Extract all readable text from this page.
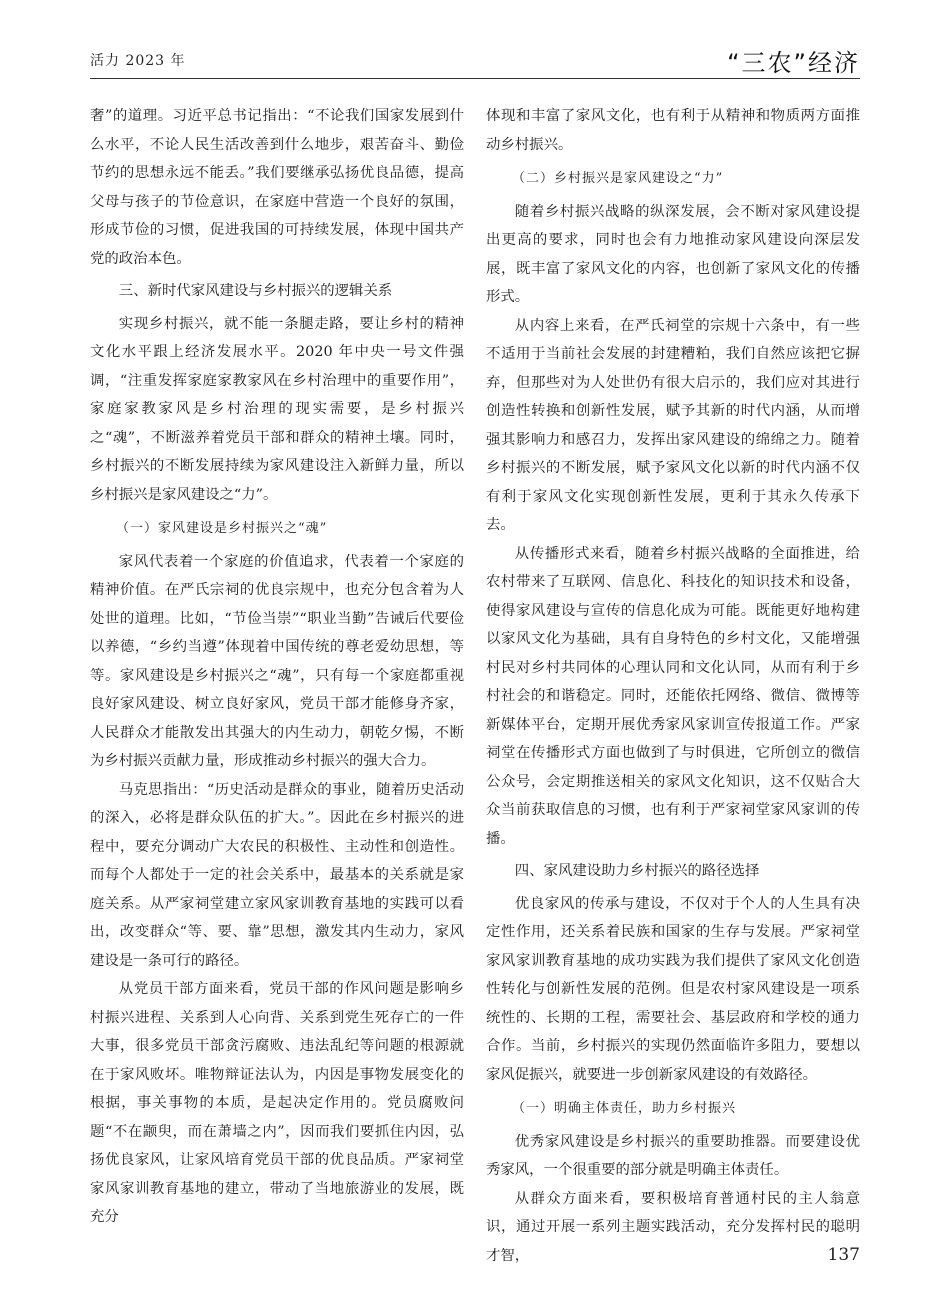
活力 2023 年	“三农”经济

奢”的道理。习近平总书记指出：“不论我们国家发展到什么水平，不论人民生活改善到什么地步，艰苦奋斗、勤俭节约的思想永远不能丢。”我们要继承弘扬优良品德，提高父母与孩子的节俭意识，在家庭中营造一个良好的氛围，形成节俭的习惯，促进我国的可持续发展，体现中国共产党的政治本色。

三、新时代家风建设与乡村振兴的逻辑关系

实现乡村振兴，就不能一条腿走路，要让乡村的精神文化水平跟上经济发展水平。2020 年中央一号文件强调，“注重发挥家庭家教家风在乡村治理中的重要作用”，家庭家教家风是乡村治理的现实需要，是乡村振兴之“魂”，不断滋养着党员干部和群众的精神土壤。同时，乡村振兴的不断发展持续为家风建设注入新鲜力量，所以乡村振兴是家风建设之“力”。

（一）家风建设是乡村振兴之“魂”

家风代表着一个家庭的价值追求，代表着一个家庭的精神价值。在严氏宗祠的优良宗规中，也充分包含着为人处世的道理。比如，“节俭当崇”“职业当勤”告诫后代要俭以养德，“乡约当遵”体现着中国传统的尊老爱幼思想，等等。家风建设是乡村振兴之“魂”，只有每一个家庭都重视良好家风建设、树立良好家风，党员干部才能修身齐家，人民群众才能散发出其强大的内生动力，朝乾夕惕，不断为乡村振兴贡献力量，形成推动乡村振兴的强大合力。

马克思指出：“历史活动是群众的事业，随着历史活动的深入，必将是群众队伍的扩大。”。因此在乡村振兴的进程中，要充分调动广大农民的积极性、主动性和创造性。而每个人都处于一定的社会关系中，最基本的关系就是家庭关系。从严家祠堂建立家风家训教育基地的实践可以看出，改变群众“等、要、靠”思想，激发其内生动力，家风建设是一条可行的路径。

从党员干部方面来看，党员干部的作风问题是影响乡村振兴进程、关系到人心向背、关系到党生死存亡的一件大事，很多党员干部贪污腐败、违法乱纪等问题的根源就在于家风败坏。唯物辩证法认为，内因是事物发展变化的根据，事关事物的本质，是起决定作用的。党员腐败问题“不在颛臾，而在萧墙之内”，因而我们要抓住内因，弘扬优良家风，让家风培育党员干部的优良品质。严家祠堂家风家训教育基地的建立，带动了当地旅游业的发展，既充分

体现和丰富了家风文化，也有利于从精神和物质两方面推动乡村振兴。

（二）乡村振兴是家风建设之“力”

随着乡村振兴战略的纵深发展，会不断对家风建设提出更高的要求，同时也会有力地推动家风建设向深层发展，既丰富了家风文化的内容，也创新了家风文化的传播形式。

从内容上来看，在严氏祠堂的宗规十六条中，有一些不适用于当前社会发展的封建糟粕，我们自然应该把它摒弃，但那些对为人处世仍有很大启示的，我们应对其进行创造性转换和创新性发展，赋予其新的时代内涵，从而增强其影响力和感召力，发挥出家风建设的绵绵之力。随着乡村振兴的不断发展，赋予家风文化以新的时代内涵不仅有利于家风文化实现创新性发展，更利于其永久传承下去。

从传播形式来看，随着乡村振兴战略的全面推进，给农村带来了互联网、信息化、科技化的知识技术和设备，使得家风建设与宣传的信息化成为可能。既能更好地构建以家风文化为基础，具有自身特色的乡村文化，又能增强村民对乡村共同体的心理认同和文化认同，从而有利于乡村社会的和谐稳定。同时，还能依托网络、微信、微博等新媒体平台，定期开展优秀家风家训宣传报道工作。严家祠堂在传播形式方面也做到了与时俱进，它所创立的微信公众号，会定期推送相关的家风文化知识，这不仅贴合大众当前获取信息的习惯，也有利于严家祠堂家风家训的传播。

四、家风建设助力乡村振兴的路径选择

优良家风的传承与建设，不仅对于个人的人生具有决定性作用，还关系着民族和国家的生存与发展。严家祠堂家风家训教育基地的成功实践为我们提供了家风文化创造性转化与创新性发展的范例。但是农村家风建设是一项系统性的、长期的工程，需要社会、基层政府和学校的通力合作。当前，乡村振兴的实现仍然面临许多阻力，要想以家风促振兴，就要进一步创新家风建设的有效路径。

（一）明确主体责任，助力乡村振兴

优秀家风建设是乡村振兴的重要助推器。而要建设优秀家风，一个很重要的部分就是明确主体责任。

从群众方面来看，要积极培育普通村民的主人翁意识，通过开展一系列主题实践活动，充分发挥村民的聪明才智，	137
